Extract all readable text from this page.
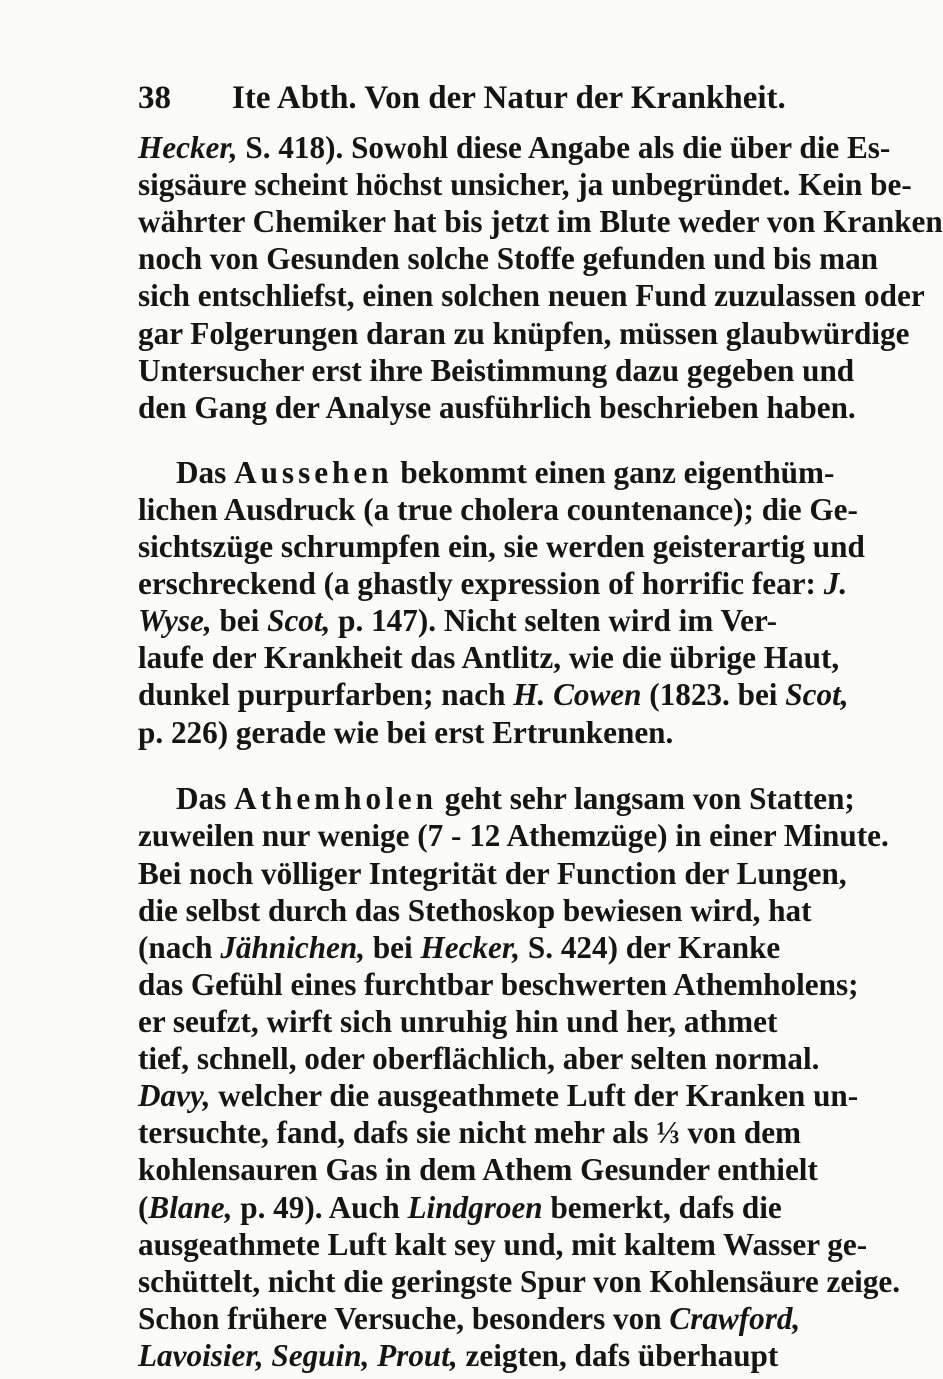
38 Ite Abth. Von der Natur der Krankheit.
Hecker, S. 418). Sowohl diese Angabe als die über die Es-
sigsäure scheint höchst unsicher, ja unbegründet. Kein be-
währter Chemiker hat bis jetzt im Blute weder von Kranken
noch von Gesunden solche Stoffe gefunden und bis man
sich entschliefst, einen solchen neuen Fund zuzulassen oder
gar Folgerungen daran zu knüpfen, müssen glaubwürdige
Untersucher erst ihre Beistimmung dazu gegeben und
den Gang der Analyse ausführlich beschrieben haben.
Das Aussehen bekommt einen ganz eigenthüm-
lichen Ausdruck (a true cholera countenance); die Ge-
sichtszüge schrumpfen ein, sie werden geisterartig und
erschreckend (a ghastly expression of horrific fear: J.
Wyse, bei Scot, p. 147). Nicht selten wird im Ver-
laufe der Krankheit das Antlitz, wie die übrige Haut,
dunkel purpurfarben; nach H. Cowen (1823. bei Scot,
p. 226) gerade wie bei erst Ertrunkenen.
Das Athemholen geht sehr langsam von Statten;
zuweilen nur wenige (7 - 12 Athemzüge) in einer Minute.
Bei noch völliger Integrität der Function der Lungen,
die selbst durch das Stethoskop bewiesen wird, hat
(nach Jähnichen, bei Hecker, S. 424) der Kranke
das Gefühl eines furchtbar beschwerten Athemholens;
er seufzt, wirft sich unruhig hin und her, athmet
tief, schnell, oder oberflächlich, aber selten normal.
Davy, welcher die ausgeathmete Luft der Kranken un-
tersuchte, fand, dafs sie nicht mehr als ⅓ von dem
kohlensauren Gas in dem Athem Gesunder enthielt
(Blane, p. 49). Auch Lindgroen bemerkt, dafs die
ausgeathmete Luft kalt sey und, mit kaltem Wasser ge-
schüttelt, nicht die geringste Spur von Kohlensäure zeige.
Schon frühere Versuche, besonders von Crawford,
Lavoisier, Seguin, Prout, zeigten, dafs überhaupt
